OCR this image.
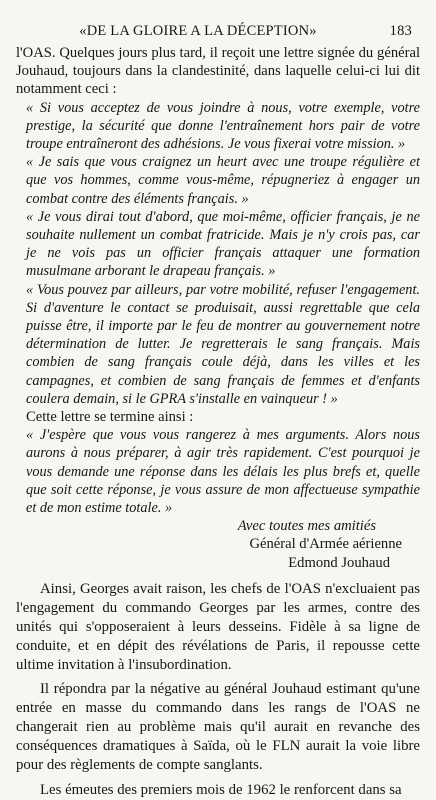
«DE LA GLOIRE A LA DÉCEPTION»	183

l'OAS. Quelques jours plus tard, il reçoit une lettre signée du général Jouhaud, toujours dans la clandestinité, dans laquelle celui-ci lui dit notamment ceci :

« Si vous acceptez de vous joindre à nous, votre exemple, votre prestige, la sécurité que donne l'entraînement hors pair de votre troupe entraîneront des adhésions. Je vous fixerai votre mission. »

« Je sais que vous craignez un heurt avec une troupe régulière et que vos hommes, comme vous-même, répugneriez à engager un combat contre des éléments français. »

« Je vous dirai tout d'abord, que moi-même, officier français, je ne souhaite nullement un combat fratricide. Mais je n'y crois pas, car je ne vois pas un officier français attaquer une formation musulmane arborant le drapeau français. »

« Vous pouvez par ailleurs, par votre mobilité, refuser l'engagement. Si d'aventure le contact se produisait, aussi regrettable que cela puisse être, il importe par le feu de montrer au gouvernement notre détermination de lutter. Je regretterais le sang français. Mais combien de sang français coule déjà, dans les villes et les campagnes, et combien de sang français de femmes et d'enfants coulera demain, si le GPRA s'installe en vainqueur ! »

Cette lettre se termine ainsi :

« J'espère que vous vous rangerez à mes arguments. Alors nous aurons à nous préparer, à agir très rapidement. C'est pourquoi je vous demande une réponse dans les délais les plus brefs et, quelle que soit cette réponse, je vous assure de mon affectueuse sympathie et de mon estime totale. »

Avec toutes mes amitiés

Général d'Armée aérienne

Edmond Jouhaud

Ainsi, Georges avait raison, les chefs de l'OAS n'excluaient pas l'engagement du commando Georges par les armes, contre des unités qui s'opposeraient à leurs desseins. Fidèle à sa ligne de conduite, et en dépit des révélations de Paris, il repousse cette ultime invitation à l'insubordination.

Il répondra par la négative au général Jouhaud estimant qu'une entrée en masse du commando dans les rangs de l'OAS ne changerait rien au problème mais qu'il aurait en revanche des conséquences dramatiques à Saïda, où le FLN aurait la voie libre pour des règlements de compte sanglants.

Les émeutes des premiers mois de 1962 le renforcent dans sa
